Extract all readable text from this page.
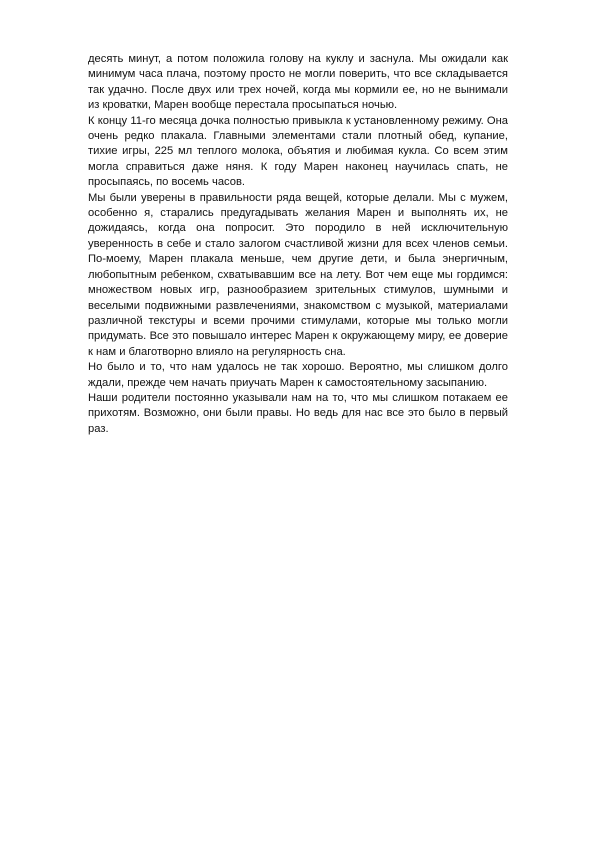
десять минут, а потом положила голову на куклу и заснула. Мы ожидали как минимум часа плача, поэтому просто не могли поверить, что все складывается так удачно. После двух или трех ночей, когда мы кормили ее, но не вынимали из кроватки, Марен вообще перестала просыпаться ночью.

К концу 11-го месяца дочка полностью привыкла к установленному режиму. Она очень редко плакала. Главными элементами стали плотный обед, купание, тихие игры, 225 мл теплого молока, объятия и любимая кукла. Со всем этим могла справиться даже няня. К году Марен наконец научилась спать, не просыпаясь, по восемь часов.

Мы были уверены в правильности ряда вещей, которые делали. Мы с мужем, особенно я, старались предугадывать желания Марен и выполнять их, не дожидаясь, когда она попросит. Это породило в ней исключительную уверенность в себе и стало залогом счастливой жизни для всех членов семьи. По-моему, Марен плакала меньше, чем другие дети, и была энергичным, любопытным ребенком, схватывавшим все на лету. Вот чем еще мы гордимся: множеством новых игр, разнообразием зрительных стимулов, шумными и веселыми подвижными развлечениями, знакомством с музыкой, материалами различной текстуры и всеми прочими стимулами, которые мы только могли придумать. Все это повышало интерес Марен к окружающему миру, ее доверие к нам и благотворно влияло на регулярность сна.

Но было и то, что нам удалось не так хорошо. Вероятно, мы слишком долго ждали, прежде чем начать приучать Марен к самостоятельному засыпанию.

Наши родители постоянно указывали нам на то, что мы слишком потакаем ее прихотям. Возможно, они были правы. Но ведь для нас все это было в первый раз.
